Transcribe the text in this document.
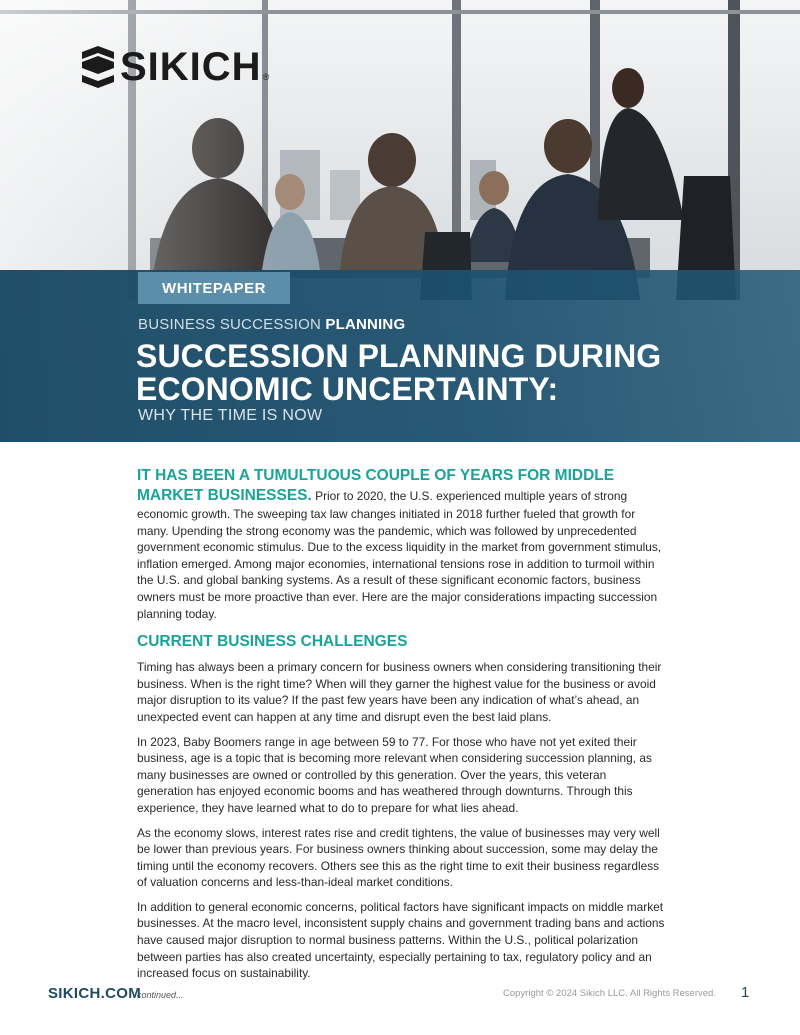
SIKICH ®
WHITEPAPER
BUSINESS SUCCESSION PLANNING
SUCCESSION PLANNING DURING
ECONOMIC UNCERTAINTY:
WHY THE TIME IS NOW

IT HAS BEEN A TUMULTUOUS COUPLE OF YEARS FOR MIDDLE MARKET BUSINESSES. Prior to 2020, the U.S. experienced multiple years of strong economic growth. The sweeping tax law changes initiated in 2018 further fueled that growth for many. Upending the strong economy was the pandemic, which was followed by unprecedented government economic stimulus. Due to the excess liquidity in the market from government stimulus, inflation emerged. Among major economies, international tensions rose in addition to turmoil within the U.S. and global banking systems. As a result of these significant economic factors, business owners must be more proactive than ever. Here are the major considerations impacting succession planning today.

CURRENT BUSINESS CHALLENGES

Timing has always been a primary concern for business owners when considering transitioning their business. When is the right time? When will they garner the highest value for the business or avoid major disruption to its value? If the past few years have been any indication of what’s ahead, an unexpected event can happen at any time and disrupt even the best laid plans.

In 2023, Baby Boomers range in age between 59 to 77. For those who have not yet exited their business, age is a topic that is becoming more relevant when considering succession planning, as many businesses are owned or controlled by this generation. Over the years, this veteran generation has enjoyed economic booms and has weathered through downturns. Through this experience, they have learned what to do to prepare for what lies ahead.

As the economy slows, interest rates rise and credit tightens, the value of businesses may very well be lower than previous years. For business owners thinking about succession, some may delay the timing until the economy recovers. Others see this as the right time to exit their business regardless of valuation concerns and less-than-ideal market conditions.

In addition to general economic concerns, political factors have significant impacts on middle market businesses. At the macro level, inconsistent supply chains and government trading bans and actions have caused major disruption to normal business patterns. Within the U.S., political polarization between parties has also created uncertainty, especially pertaining to tax, regulatory policy and an increased focus on sustainability.

continued...
SIKICH.COM	Copyright © 2024 Sikich LLC. All Rights Reserved. 1
